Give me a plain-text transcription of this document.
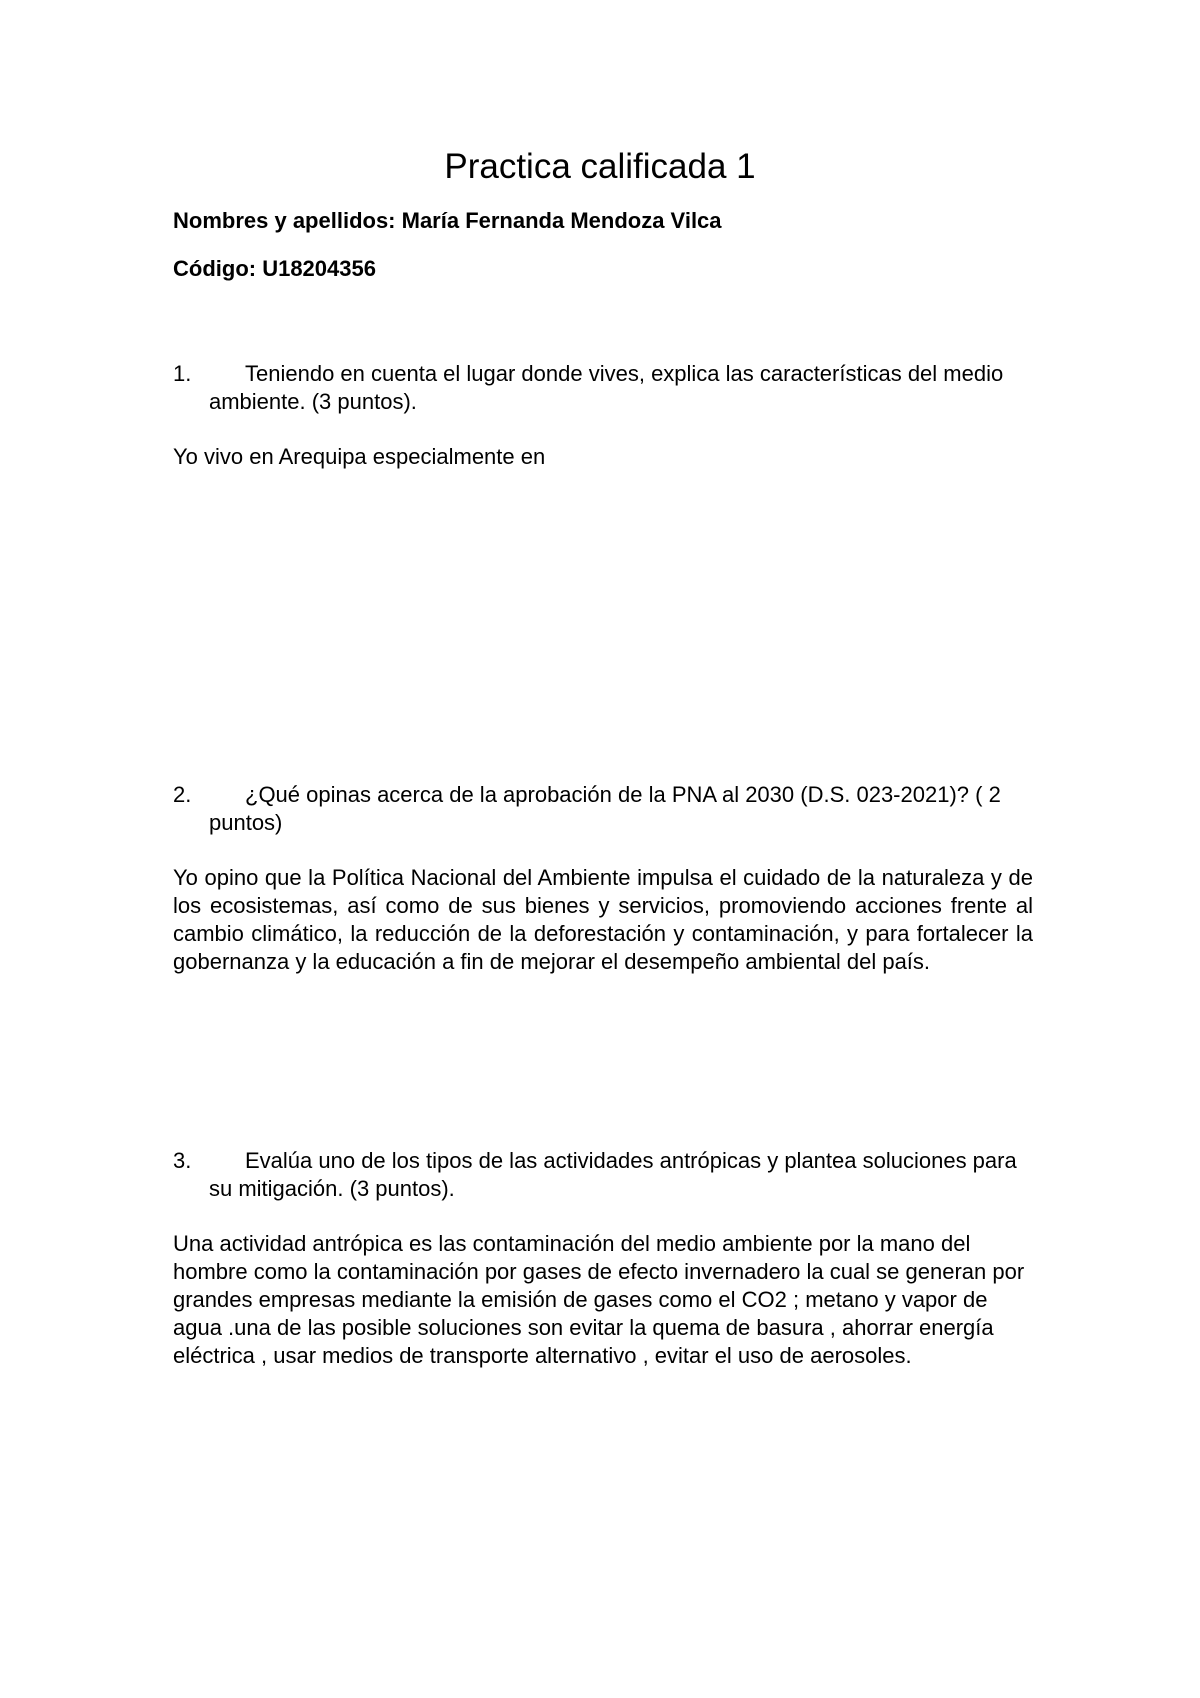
Practica calificada 1

Nombres y apellidos: María Fernanda Mendoza Vilca

Código: U18204356

1.	Teniendo en cuenta el lugar donde vives, explica las características del medio ambiente. (3 puntos).

Yo vivo en Arequipa especialmente en

2.	¿Qué opinas acerca de la aprobación de la PNA al 2030 (D.S. 023-2021)? ( 2 puntos)

Yo opino que la Política Nacional del Ambiente impulsa el cuidado de la naturaleza y de los ecosistemas, así como de sus bienes y servicios, promoviendo acciones frente al cambio climático, la reducción de la deforestación y contaminación, y para fortalecer la gobernanza y la educación a fin de mejorar el desempeño ambiental del país.

3.	Evalúa uno de los tipos de las actividades antrópicas y plantea soluciones para su mitigación. (3 puntos).

Una actividad antrópica es las contaminación del medio ambiente por la mano del hombre como la contaminación por gases de efecto invernadero la cual se generan por grandes empresas mediante la emisión de gases como el CO2 ; metano y vapor de agua .una de las posible soluciones son evitar la quema de basura , ahorrar energía eléctrica , usar medios de transporte alternativo , evitar el uso de aerosoles.
